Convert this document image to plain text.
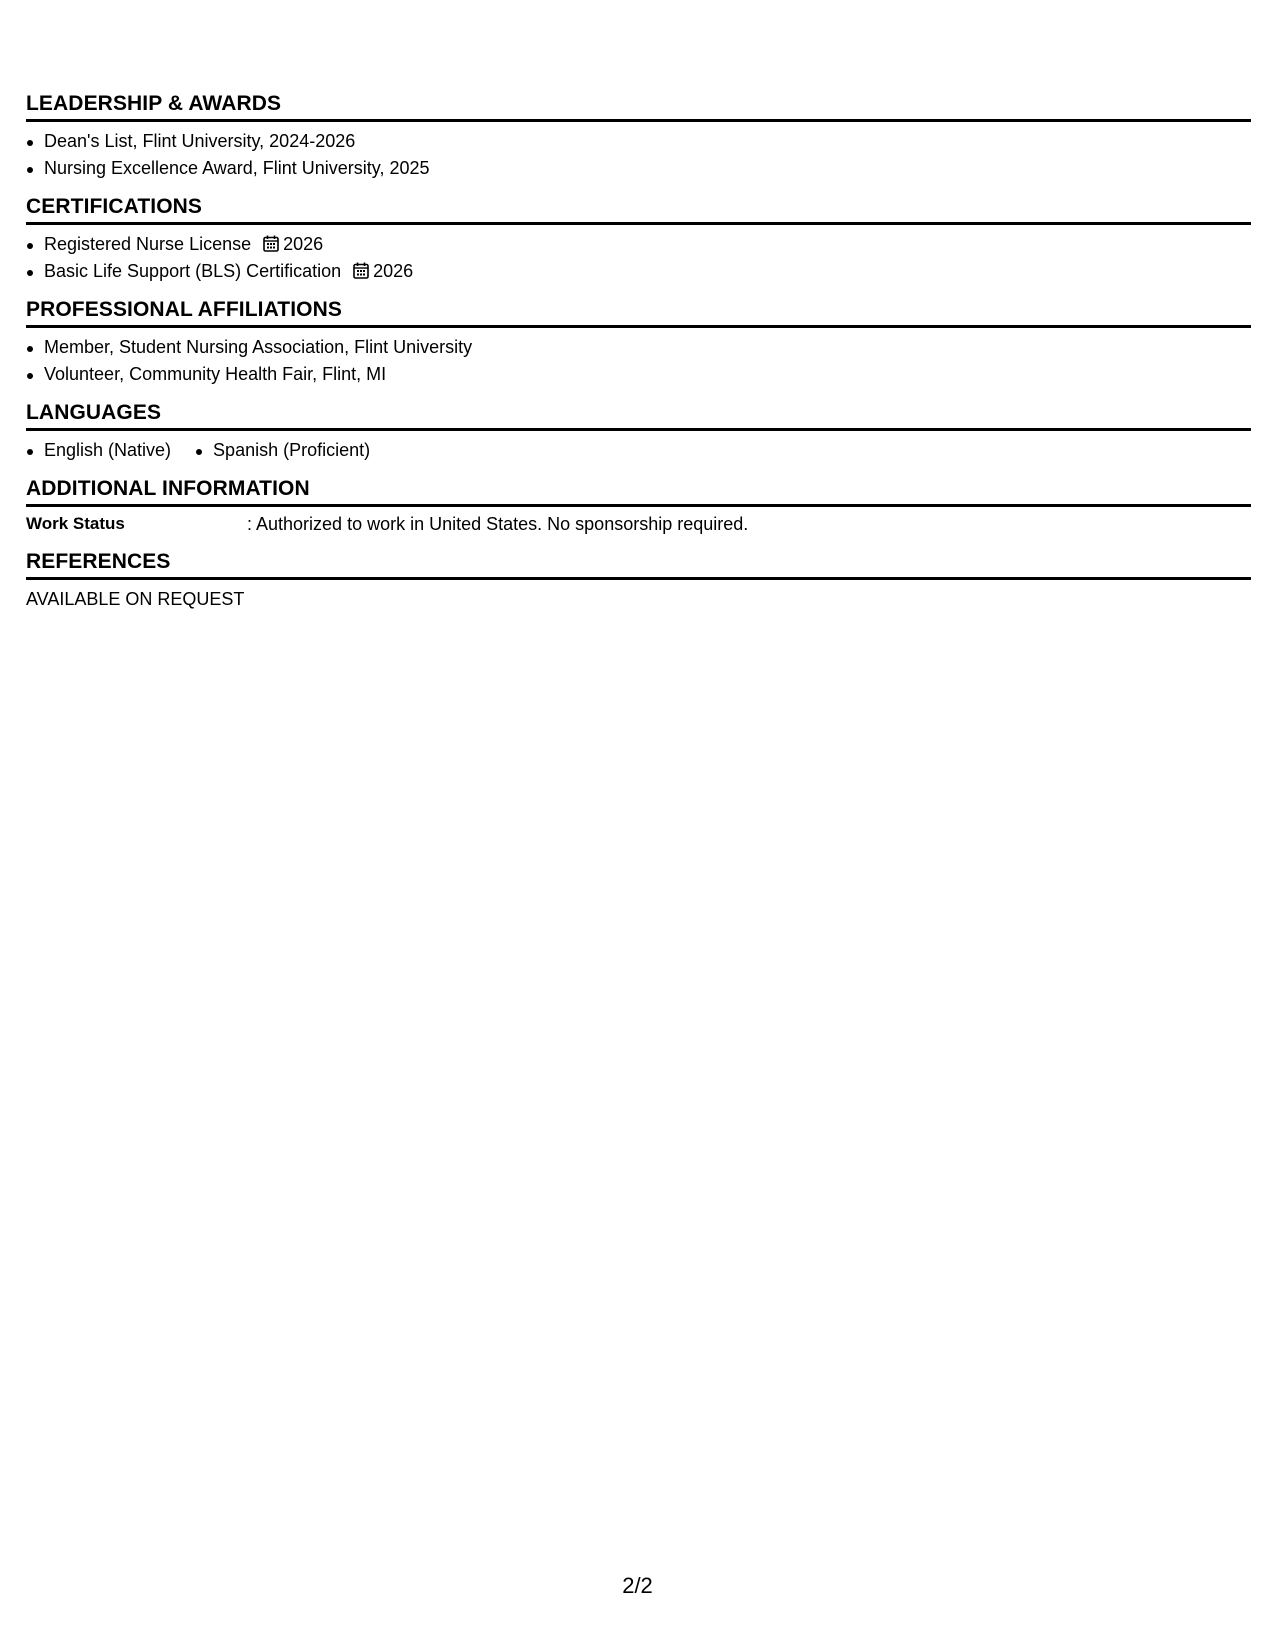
LEADERSHIP & AWARDS
Dean's List, Flint University, 2024-2026
Nursing Excellence Award, Flint University, 2025
CERTIFICATIONS
Registered Nurse License 2026
Basic Life Support (BLS) Certification 2026
PROFESSIONAL AFFILIATIONS
Member, Student Nursing Association, Flint University
Volunteer, Community Health Fair, Flint, MI
LANGUAGES
English (Native)	Spanish (Proficient)
ADDITIONAL INFORMATION
Work Status	: Authorized to work in United States. No sponsorship required.
REFERENCES

AVAILABLE ON REQUEST

2/2
